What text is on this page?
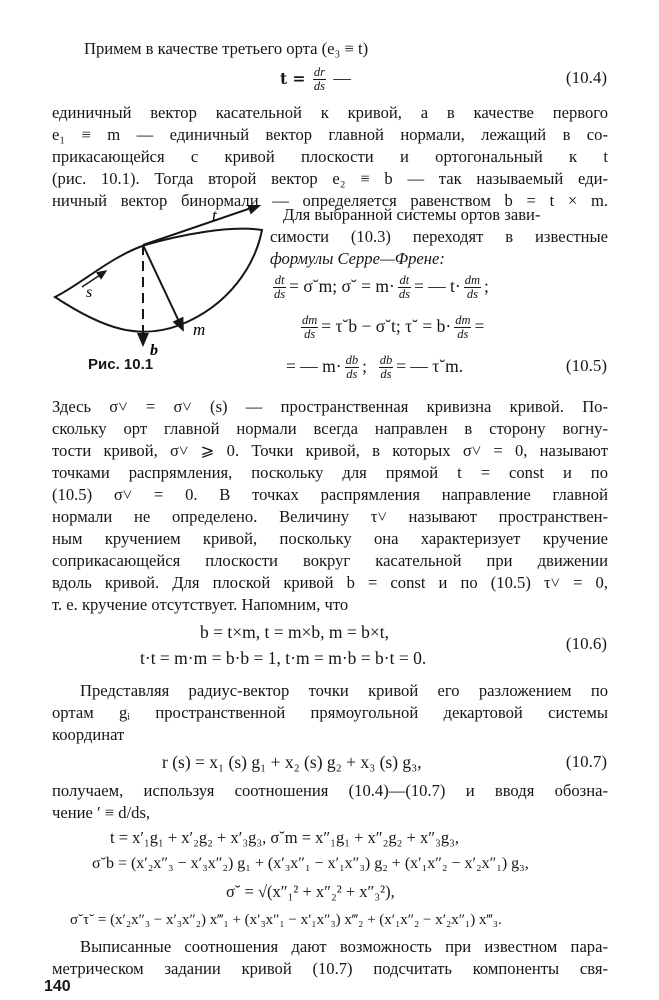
Примем в качестве третьего орта (e₃ ≡ t)
$t = \frac{dr}{ds}$ —	(10.4)
единичный вектор касательной к кривой, а в качестве первого
e₁ ≡ m — единичный вектор главной нормали, лежащий в со-
прикасающейся с кривой плоскости и ортогональный к t
(рис. 10.1). Тогда второй вектор e₂ ≡ b — так называемый еди-
ничный вектор бинормали — определяется равенством b = t × m.
Для выбранной системы ортов зави-
симости (10.3) переходят в известные
формулы Серре—Френе:
t
s
m
b
Рис. 10.1
$\frac{dt}{ds}$ = σ˘m; σ˘ = $m\cdot \frac{dt}{ds}$ = — $t\cdot \frac{dm}{ds}$ ;
$\frac{dm}{ds}$ = τ˘b − σ˘t; τ˘ = $b\cdot \frac{dm}{ds}$ =
= — $m\cdot \frac{db}{ds}$ ; $\frac{db}{ds}$ = — τ˘m.	(10.5)
Здесь σ˅ = σ˅ (s) — пространственная кривизна кривой. По-
скольку орт главной нормали всегда направлен в сторону вогну-
тости кривой, σ˅ ⩾ 0. Точки кривой, в которых σ˅ = 0, называют
точками распрямления, поскольку для прямой t = const и по
(10.5) σ˅ = 0. В точках распрямления направление главной
нормали не определено. Величину τ˅ называют пространствен-
ным кручением кривой, поскольку она характеризует кручение
соприкасающейся плоскости вокруг касательной при движении
вдоль кривой. Для плоской кривой b = const и по (10.5) τ˅ = 0,
т. е. кручение отсутствует. Напомним, что
b = t×m, t = m×b, m = b×t,
t·t = m·m = b·b = 1, t·m = m·b = b·t = 0.
(10.6)
Представляя радиус-вектор точки кривой его разложением по
ортам gᵢ пространственной прямоугольной декартовой системы
координат
r (s) = x₁ (s) g₁ + x₂ (s) g₂ + x₃ (s) g₃,	(10.7)
получаем, используя соотношения (10.4)—(10.7) и вводя обозна-
чение ′ ≡ d/ds,
t = x′₁g₁ + x′₂g₂ + x′₃g₃, σ˘m = x″₁g₁ + x″₂g₂ + x″₃g₃,
σ˘b = (x′₂x″₃ − x′₃x″₂) g₁ + (x′₃x″₁ − x′₁x″₃) g₂ + (x′₁x″₂ − x′₂x″₁) g₃,
σ˘ = √(x″₁² + x″₂² + x″₃²),
σ˘τ˘ = (x′₂x″₃ − x′₃x″₂) x‴₁ + (x′₃x″₁ − x′₁x″₃) x‴₂ + (x′₁x″₂ − x′₂x″₁) x‴₃.
Выписанные соотношения дают возможность при известном пара-
метрическом задании кривой (10.7) подсчитать компоненты свя-
140
